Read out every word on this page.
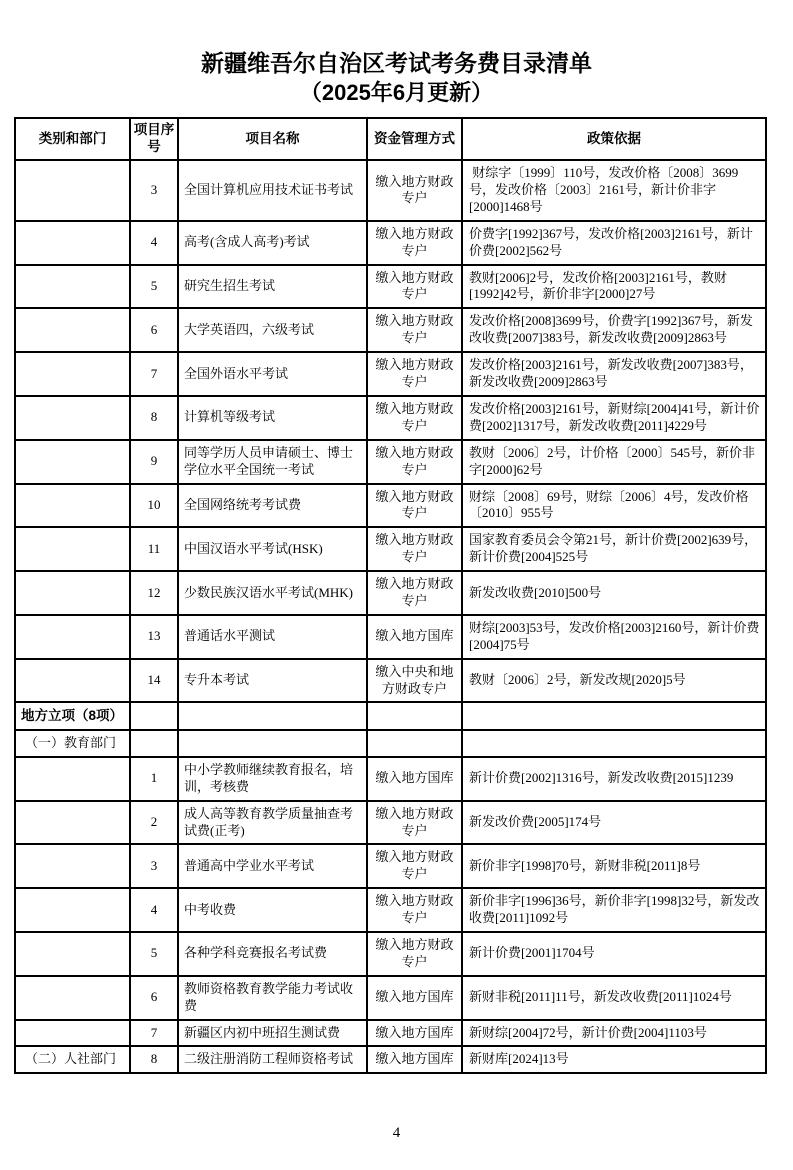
新疆维吾尔自治区考试考务费目录清单
（2025年6月更新）
类别和部门	项目序号	项目名称	资金管理方式	政策依据
	3	全国计算机应用技术证书考试	缴入地方财政专户	财综字〔1999〕110号，发改价格〔2008〕3699号，发改价格〔2003〕2161号，新计价非字[2000]1468号
	4	高考(含成人高考)考试	缴入地方财政专户	价费字[1992]367号，发改价格[2003]2161号，新计价费[2002]562号
	5	研究生招生考试	缴入地方财政专户	教财[2006]2号，发改价格[2003]2161号，教财[1992]42号，新价非字[2000]27号
	6	大学英语四，六级考试	缴入地方财政专户	发改价格[2008]3699号，价费字[1992]367号，新发改收费[2007]383号，新发改收费[2009]2863号
	7	全国外语水平考试	缴入地方财政专户	发改价格[2003]2161号，新发改收费[2007]383号，新发改收费[2009]2863号
	8	计算机等级考试	缴入地方财政专户	发改价格[2003]2161号，新财综[2004]41号，新计价费[2002]1317号，新发改收费[2011]4229号
	9	同等学历人员申请硕士、博士学位水平全国统一考试	缴入地方财政专户	教财〔2006〕2号，计价格〔2000〕545号，新价非字[2000]62号
	10	全国网络统考考试费	缴入地方财政专户	财综〔2008〕69号，财综〔2006〕4号，发改价格〔2010〕955号
	11	中国汉语水平考试(HSK)	缴入地方财政专户	国家教育委员会令第21号，新计价费[2002]639号，新计价费[2004]525号
	12	少数民族汉语水平考试(MHK)	缴入地方财政专户	新发改收费[2010]500号
	13	普通话水平测试	缴入地方国库	财综[2003]53号，发改价格[2003]2160号，新计价费[2004]75号
	14	专升本考试	缴入中央和地方财政专户	教财〔2006〕2号，新发改规[2020]5号
地方立项（8项）				
（一）教育部门				
	1	中小学教师继续教育报名，培训，考核费	缴入地方国库	新计价费[2002]1316号，新发改收费[2015]1239
	2	成人高等教育教学质量抽查考试费(正考)	缴入地方财政专户	新发改价费[2005]174号
	3	普通高中学业水平考试	缴入地方财政专户	新价非字[1998]70号，新财非税[2011]8号
	4	中考收费	缴入地方财政专户	新价非字[1996]36号，新价非字[1998]32号，新发改收费[2011]1092号
	5	各种学科竞赛报名考试费	缴入地方财政专户	新计价费[2001]1704号
	6	教师资格教育教学能力考试收费	缴入地方国库	新财非税[2011]11号，新发改收费[2011]1024号
	7	新疆区内初中班招生测试费	缴入地方国库	新财综[2004]72号，新计价费[2004]1103号
（二）人社部门	8	二级注册消防工程师资格考试	缴入地方国库	新财库[2024]13号
4
